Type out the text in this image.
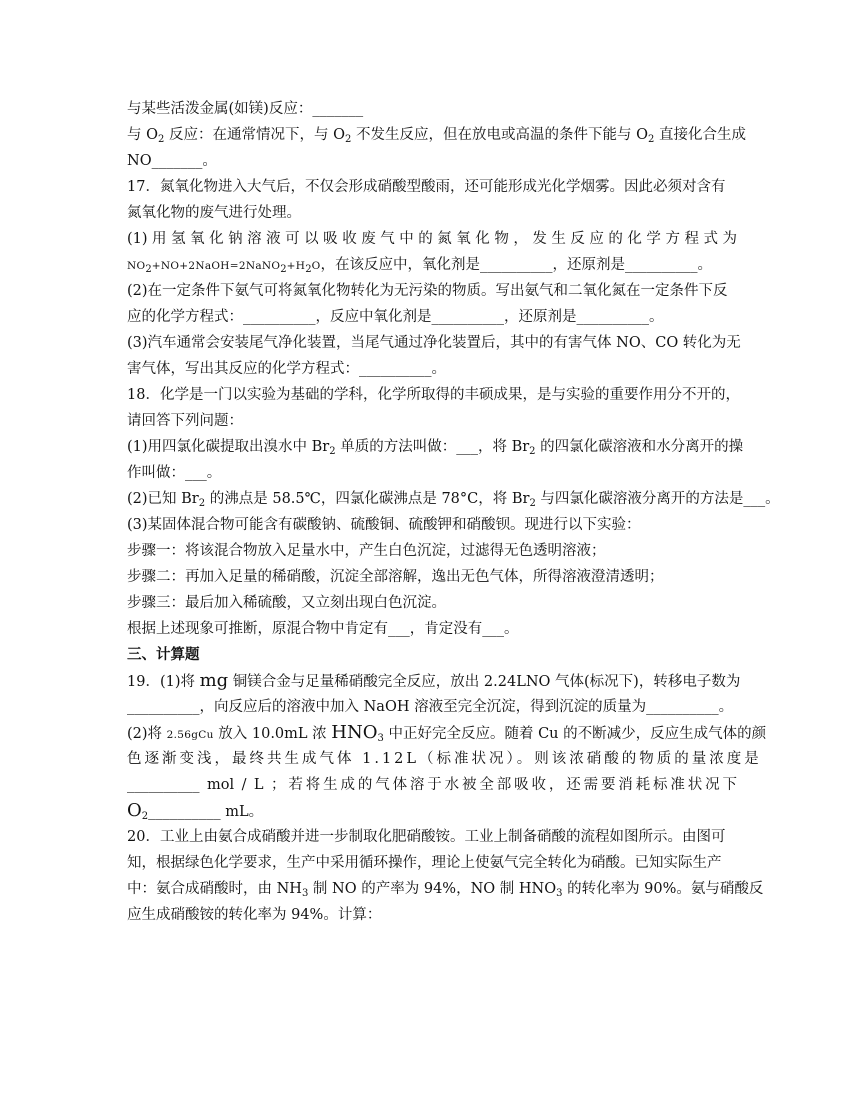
与某些活泼金属(如镁)反应：_______
与 $O_2$ 反应：在通常情况下，与 $O_2$ 不发生反应，但在放电或高温的条件下能与 $O_2$ 直接化合生成
NO_______。
17．氮氧化物进入大气后，不仅会形成硝酸型酸雨，还可能形成光化学烟雾。因此必须对含有
氮氧化物的废气进行处理。
(1)用氢氧化钠溶液可以吸收废气中的氮氧化物，发生反应的化学方程式为
$NO_2+NO+2NaOH=2NaNO_2+H_2O$，在该反应中，氧化剂是__________，还原剂是__________。
(2)在一定条件下氨气可将氮氧化物转化为无污染的物质。写出氨气和二氧化氮在一定条件下反
应的化学方程式：__________，反应中氧化剂是__________，还原剂是__________。
(3)汽车通常会安装尾气净化装置，当尾气通过净化装置后，其中的有害气体 NO、CO 转化为无
害气体，写出其反应的化学方程式：__________。
18．化学是一门以实验为基础的学科，化学所取得的丰硕成果，是与实验的重要作用分不开的，
请回答下列问题：
(1)用四氯化碳提取出溴水中 $Br_2$ 单质的方法叫做：___，将 $Br_2$ 的四氯化碳溶液和水分离开的操
作叫做：___。
(2)已知 $Br_2$ 的沸点是 58.5℃，四氯化碳沸点是 78°C，将 $Br_2$ 与四氯化碳溶液分离开的方法是___。
(3)某固体混合物可能含有碳酸钠、硫酸铜、硫酸钾和硝酸钡。现进行以下实验：
步骤一：将该混合物放入足量水中，产生白色沉淀，过滤得无色透明溶液；
步骤二：再加入足量的稀硝酸，沉淀全部溶解，逸出无色气体，所得溶液澄清透明；
步骤三：最后加入稀硫酸，又立刻出现白色沉淀。
根据上述现象可推断，原混合物中肯定有___，肯定没有___。
三、计算题
19．(1)将 mg 铜镁合金与足量稀硝酸完全反应，放出 2.24LNO 气体(标况下)，转移电子数为
__________，向反应后的溶液中加入 NaOH 溶液至完全沉淀，得到沉淀的质量为__________。
(2)将 2.56gCu 放入 10.0mL 浓 $HNO_3$ 中正好完全反应。随着 Cu 的不断减少，反应生成气体的颜
色逐渐变浅，最终共生成气体 1.12L（标准状况）。则该浓硝酸的物质的量浓度是
__________ mol / L ；若将生成的气体溶于水被全部吸收，还需要消耗标准状况下
$O_2\_\_\_\_\_\_\_\_\_\_$ mL。
20．工业上由氨合成硝酸并进一步制取化肥硝酸铵。工业上制备硝酸的流程如图所示。由图可
知，根据绿色化学要求，生产中采用循环操作，理论上使氨气完全转化为硝酸。已知实际生产
中：氨合成硝酸时，由 $NH_3$ 制 NO 的产率为 94%，NO 制 $HNO_3$ 的转化率为 90%。氨与硝酸反
应生成硝酸铵的转化率为 94%。计算：
